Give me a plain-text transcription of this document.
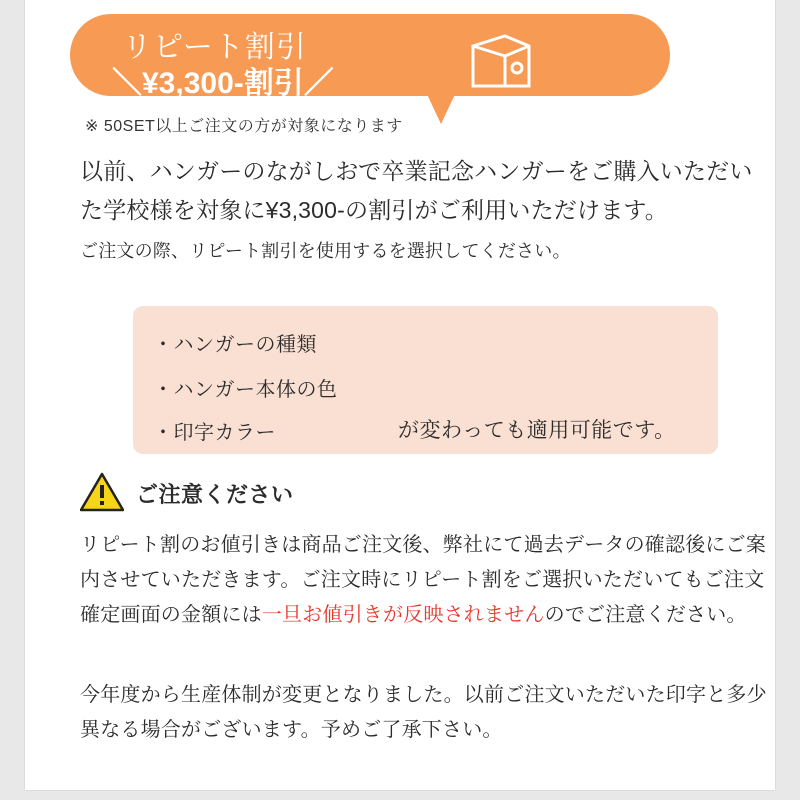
リピート割引
＼¥3,300-割引／
※ 50SET以上ご注文の方が対象になります
以前、ハンガーのながしおで卒業記念ハンガーをご購入いただいた学校様を対象に¥3,300-の割引がご利用いただけます。
ご注文の際、リピート割引を使用するを選択してください。
・ハンガーの種類
・ハンガー本体の色
・印字カラー	が変わっても適用可能です。
ご注意ください
リピート割のお値引きは商品ご注文後、弊社にて過去データの確認後にご案内させていただきます。ご注文時にリピート割をご選択いただいてもご注文確定画面の金額には一旦お値引きが反映されませんのでご注意ください。
今年度から生産体制が変更となりました。以前ご注文いただいた印字と多少異なる場合がございます。予めご了承下さい。
